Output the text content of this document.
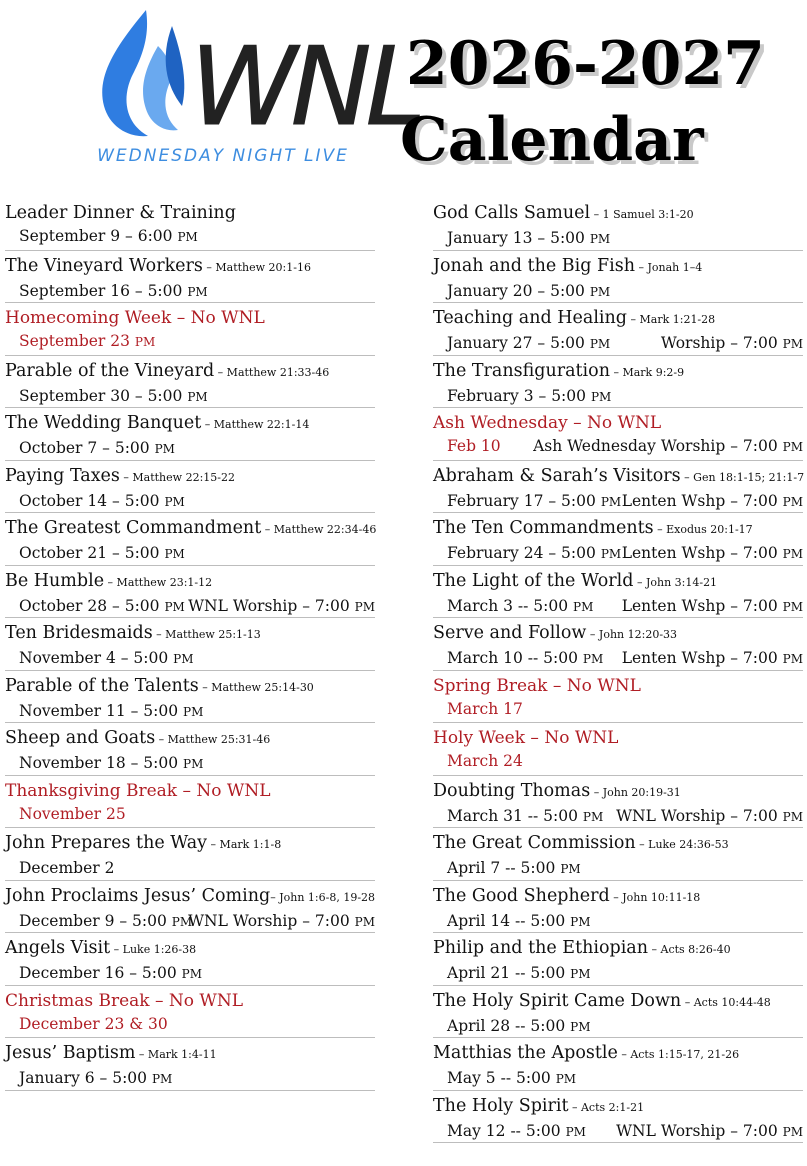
WNL
WEDNESDAY NIGHT LIVE
2026-2027
Calendar
Leader Dinner & Training
September 9 – 6:00 PM
The Vineyard Workers – Matthew 20:1-16
September 16 – 5:00 PM
Homecoming Week – No WNL
September 23 PM
Parable of the Vineyard – Matthew 21:33-46
September 30 – 5:00 PM
The Wedding Banquet – Matthew 22:1-14
October 7 – 5:00 PM
Paying Taxes – Matthew 22:15-22
October 14 – 5:00 PM
The Greatest Commandment – Matthew 22:34-46
October 21 – 5:00 PM
Be Humble – Matthew 23:1-12
October 28 – 5:00 PM WNL Worship – 7:00 PM
Ten Bridesmaids – Matthew 25:1-13
November 4 – 5:00 PM
Parable of the Talents – Matthew 25:14-30
November 11 – 5:00 PM
Sheep and Goats – Matthew 25:31-46
November 18 – 5:00 PM
Thanksgiving Break – No WNL
November 25
John Prepares the Way – Mark 1:1-8
December 2
John Proclaims Jesus’ Coming– John 1:6-8, 19-28
December 9 – 5:00 PM
WNL Worship – 7:00 PM
Angels Visit – Luke 1:26-38
December 16 – 5:00 PM
Christmas Break – No WNL
December 23 & 30
Jesus’ Baptism – Mark 1:4-11
January 6 – 5:00 PM
God Calls Samuel – 1 Samuel 3:1-20
January 13 – 5:00 PM
Jonah and the Big Fish – Jonah 1–4
January 20 – 5:00 PM
Teaching and Healing – Mark 1:21-28
January 27 – 5:00 PM	Worship – 7:00 PM
The Transfiguration – Mark 9:2-9
February 3 – 5:00 PM
Ash Wednesday – No WNL
Feb 10 Ash Wednesday Worship – 7:00 PM
Abraham & Sarah’s Visitors – Gen 18:1-15; 21:1-7
February 17 – 5:00 PM Lenten Wshp – 7:00 PM
The Ten Commandments – Exodus 20:1-17
February 24 – 5:00 PM Lenten Wshp – 7:00 PM
The Light of the World – John 3:14-21
March 3 -- 5:00 PM Lenten Wshp – 7:00 PM
Serve and Follow – John 12:20-33
March 10 -- 5:00 PM Lenten Wshp – 7:00 PM
Spring Break – No WNL
March 17
Holy Week – No WNL
March 24
Doubting Thomas – John 20:19-31
March 31 -- 5:00 PM WNL Worship – 7:00 PM
The Great Commission – Luke 24:36-53
April 7 -- 5:00 PM
The Good Shepherd – John 10:11-18
April 14 -- 5:00 PM
Philip and the Ethiopian – Acts 8:26-40
April 21 -- 5:00 PM
The Holy Spirit Came Down – Acts 10:44-48
April 28 -- 5:00 PM
Matthias the Apostle – Acts 1:15-17, 21-26
May 5 -- 5:00 PM
The Holy Spirit – Acts 2:1-21
May 12 -- 5:00 PM WNL Worship – 7:00 PM
